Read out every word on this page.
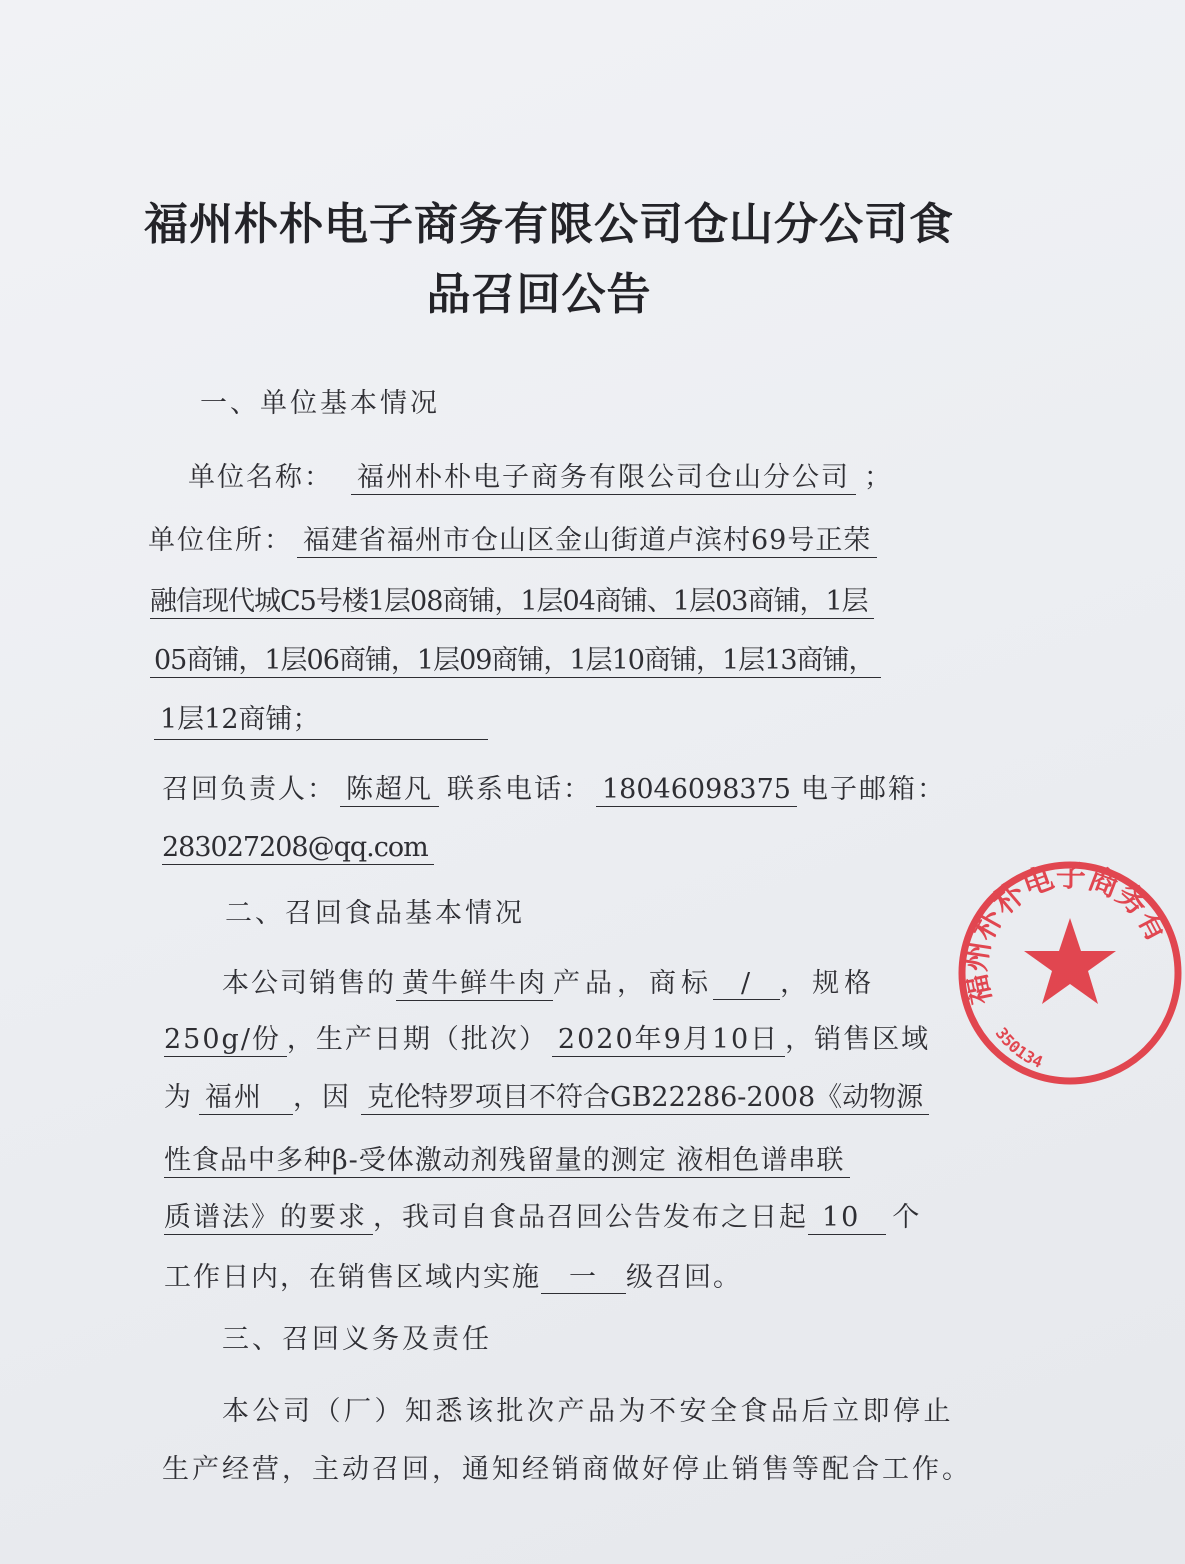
福州朴朴电子商务有限公司仓山分公司食
品召回公告
一、单位基本情况
单位名称： 福州朴朴电子商务有限公司仓山分公司 ；
单位住所： 福建省福州市仓山区金山街道卢滨村69号正荣
融信现代城C5号楼1层08商铺，1层04商铺、1层03商铺，1层
05商铺，1层06商铺，1层09商铺，1层10商铺，1层13商铺，
1层12商铺；
召回负责人： 陈超凡 联系电话： 18046098375 电子邮箱：
283027208@qq.com
二、召回食品基本情况
本公司销售的 黄牛鲜牛肉 产品，商标 / ，规格
250g/份 ，生产日期（批次） 2020年9月10日 ，销售区域
为 福州 ，因 克伦特罗项目不符合GB22286-2008《动物源
性食品中多种β-受体激动剂残留量的测定 液相色谱串联
质谱法》的要求 ，我司自食品召回公告发布之日起 10 个
工作日内，在销售区域内实施 一 级召回。
三、召回义务及责任
本公司（厂）知悉该批次产品为不安全食品后立即停止
生产经营，主动召回，通知经销商做好停止销售等配合工作。
福州朴朴电子商务有
350134
